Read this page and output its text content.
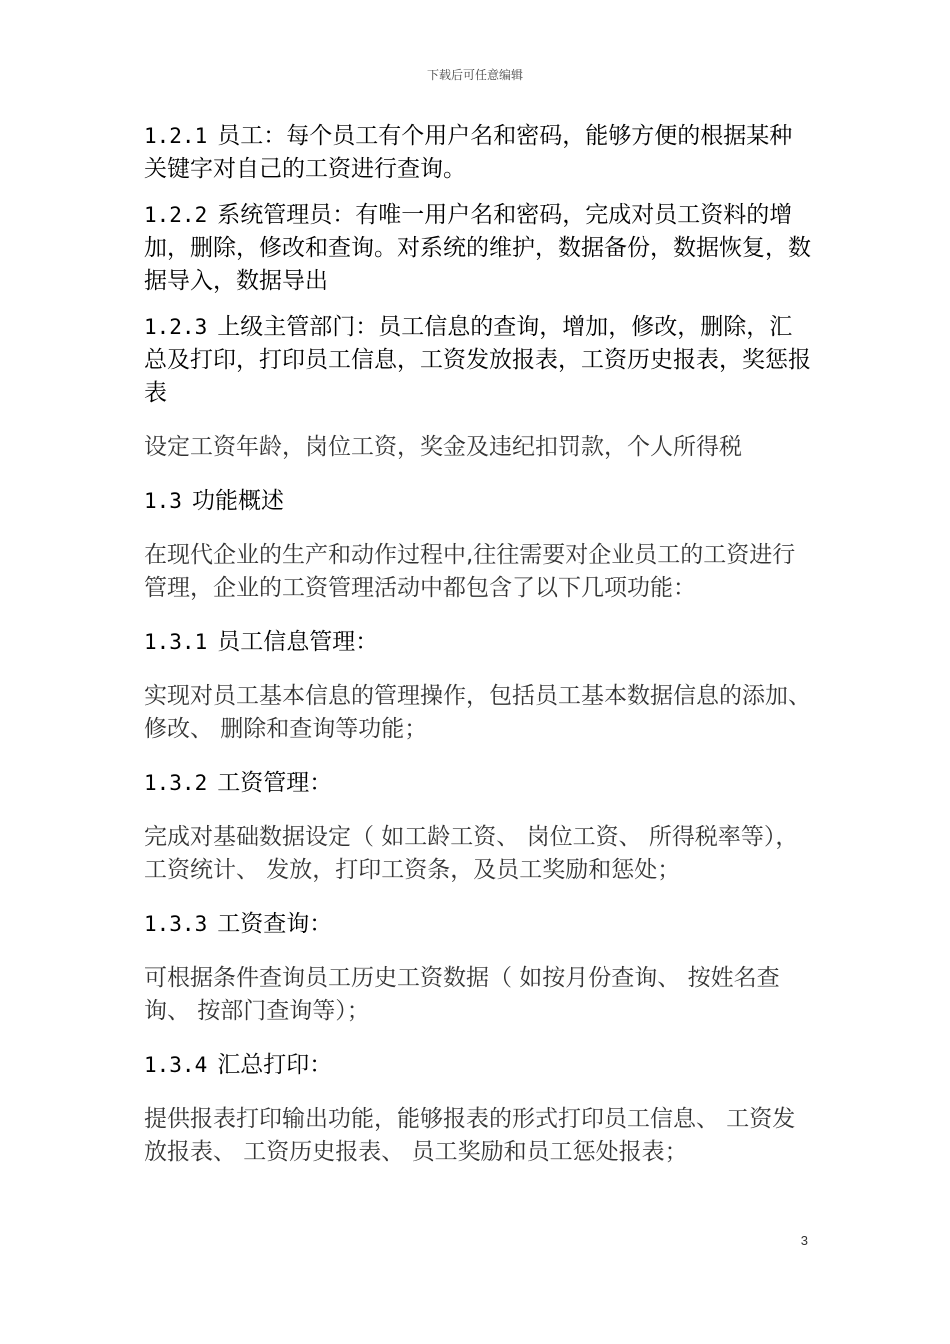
下载后可任意编辑

1.2.1 员工：每个员工有个用户名和密码，能够方便的根据某种关键字对自己的工资进行查询。

1.2.2 系统管理员：有唯一用户名和密码，完成对员工资料的增加，删除，修改和查询。对系统的维护，数据备份，数据恢复，数据导入，数据导出

1.2.3 上级主管部门：员工信息的查询，增加，修改，删除，汇总及打印，打印员工信息，工资发放报表，工资历史报表，奖惩报表

设定工资年龄，岗位工资，奖金及违纪扣罚款，个人所得税

1.3 功能概述

在现代企业的生产和动作过程中,往往需要对企业员工的工资进行管理，企业的工资管理活动中都包含了以下几项功能：

1.3.1 员工信息管理：

实现对员工基本信息的管理操作，包括员工基本数据信息的添加、 修改、 删除和查询等功能；

1.3.2 工资管理：

完成对基础数据设定（ 如工龄工资、 岗位工资、 所得税率等），工资统计、 发放，打印工资条，及员工奖励和惩处；

1.3.3 工资查询：

可根据条件查询员工历史工资数据（ 如按月份查询、 按姓名查询、 按部门查询等）；

1.3.4 汇总打印：

提供报表打印输出功能，能够报表的形式打印员工信息、 工资发放报表、 工资历史报表、 员工奖励和员工惩处报表；

3
